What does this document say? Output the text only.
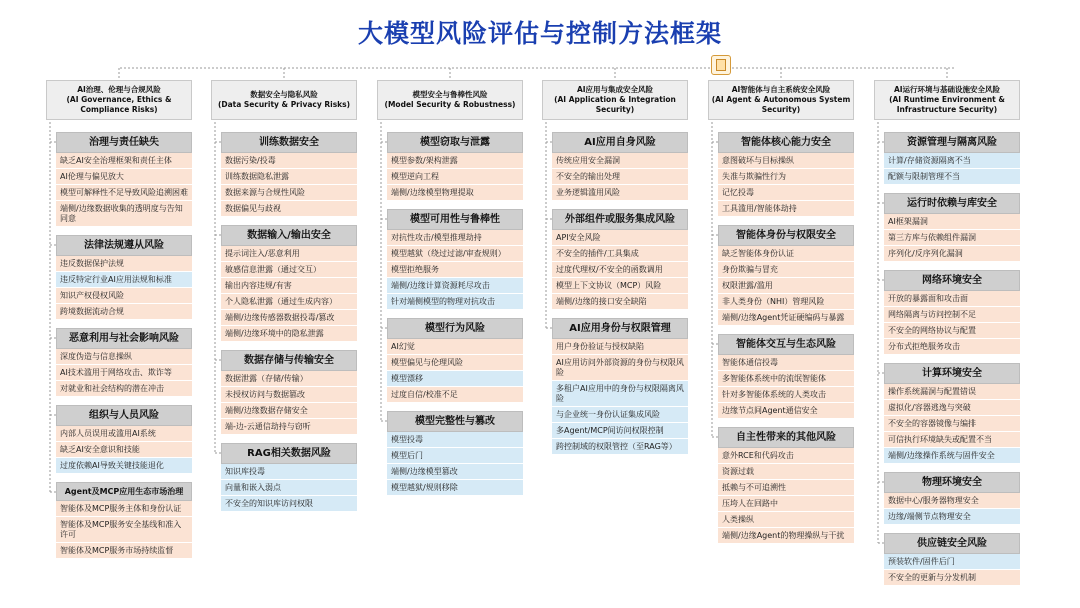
大模型风险评估与控制方法框架
AI治理、伦理与合规风险
(AI Governance, Ethics & Compliance Risks)
治理与责任缺失
缺乏AI安全治理框架和责任主体
AI伦理与偏见放大
模型可解释性不足导致风险追溯困难
端侧/边缘数据收集的透明度与告知同意
法律法规遵从风险
违反数据保护法规
违反特定行业AI应用法规和标准
知识产权侵权风险
跨境数据流动合规
恶意利用与社会影响风险
深度伪造与信息操纵
AI技术滥用于网络攻击、欺诈等
对就业和社会结构的潜在冲击
组织与人员风险
内部人员误用或滥用AI系统
缺乏AI安全意识和技能
过度依赖AI导致关键技能退化
Agent及MCP应用生态市场治理
智能体及MCP服务主体和身份认证
智能体及MCP服务安全基线和准入许可
智能体及MCP服务市场持续监督
数据安全与隐私风险
(Data Security & Privacy Risks)
训练数据安全
数据污染/投毒
训练数据隐私泄露
数据来源与合规性风险
数据偏见与歧视
数据输入/输出安全
提示词注入/恶意利用
敏感信息泄露（通过交互）
输出内容违规/有害
个人隐私泄露（通过生成内容）
端侧/边缘传感器数据投毒/篡改
端侧/边缘环境中的隐私泄露
数据存储与传输安全
数据泄露（存储/传输）
未授权访问与数据篡改
端侧/边缘数据存储安全
端-边-云通信劫持与窃听
RAG相关数据风险
知识库投毒
向量和嵌入弱点
不安全的知识库访问权限
模型安全与鲁棒性风险
(Model Security & Robustness)
模型窃取与泄露
模型参数/架构泄露
模型逆向工程
端侧/边缘模型物理提取
模型可用性与鲁棒性
对抗性攻击/模型推理劫持
模型越狱（绕过过滤/审查规则）
模型拒绝服务
端侧/边缘计算资源耗尽攻击
针对端侧模型的物理对抗攻击
模型行为风险
AI幻觉
模型偏见与伦理风险
模型漂移
过度自信/校准不足
模型完整性与篡改
模型投毒
模型后门
端侧/边缘模型篡改
模型越狱/规则移除
AI应用与集成安全风险
(AI Application & Integration Security)
AI应用自身风险
传统应用安全漏洞
不安全的输出处理
业务逻辑滥用风险
外部组件或服务集成风险
API安全风险
不安全的插件/工具集成
过度代理权/不安全的函数调用
模型上下文协议（MCP）风险
端侧/边缘的接口安全缺陷
AI应用身份与权限管理
用户身份验证与授权缺陷
AI应用访问外部资源的身份与权限风险
多租户AI应用中的身份与权限隔离风险
与企业统一身份认证集成风险
多Agent/MCP间访问权限控制
跨控制域的权限管控（至RAG等）
AI智能体与自主系统安全风险
(AI Agent & Autonomous System Security)
智能体核心能力安全
意图破坏与目标操纵
失准与欺骗性行为
记忆投毒
工具滥用/智能体劫持
智能体身份与权限安全
缺乏智能体身份认证
身份欺骗与冒充
权限泄露/滥用
非人类身份（NHI）管理风险
端侧/边缘Agent凭证硬编码与暴露
智能体交互与生态风险
智能体通信投毒
多智能体系统中的流氓智能体
针对多智能体系统的人类攻击
边缘节点间Agent通信安全
自主性带来的其他风险
意外RCE和代码攻击
资源过载
抵赖与不可追溯性
压垮人在回路中
人类操纵
端侧/边缘Agent的物理操纵与干扰
AI运行环境与基础设施安全风险
(AI Runtime Environment & Infrastructure Security)
资源管理与隔离风险
计算/存储资源隔离不当
配额与限制管理不当
运行时依赖与库安全
AI框架漏洞
第三方库与依赖组件漏洞
序列化/反序列化漏洞
网络环境安全
开放的暴露面和攻击面
网络隔离与访问控制不足
不安全的网络协议与配置
分布式拒绝服务攻击
计算环境安全
操作系统漏洞与配置错误
虚拟化/容器逃逸与突破
不安全的容器镜像与编排
可信执行环境缺失或配置不当
端侧/边缘操作系统与固件安全
物理环境安全
数据中心/服务器物理安全
边缘/端侧节点物理安全
供应链安全风险
预装软件/固件后门
不安全的更新与分发机制
